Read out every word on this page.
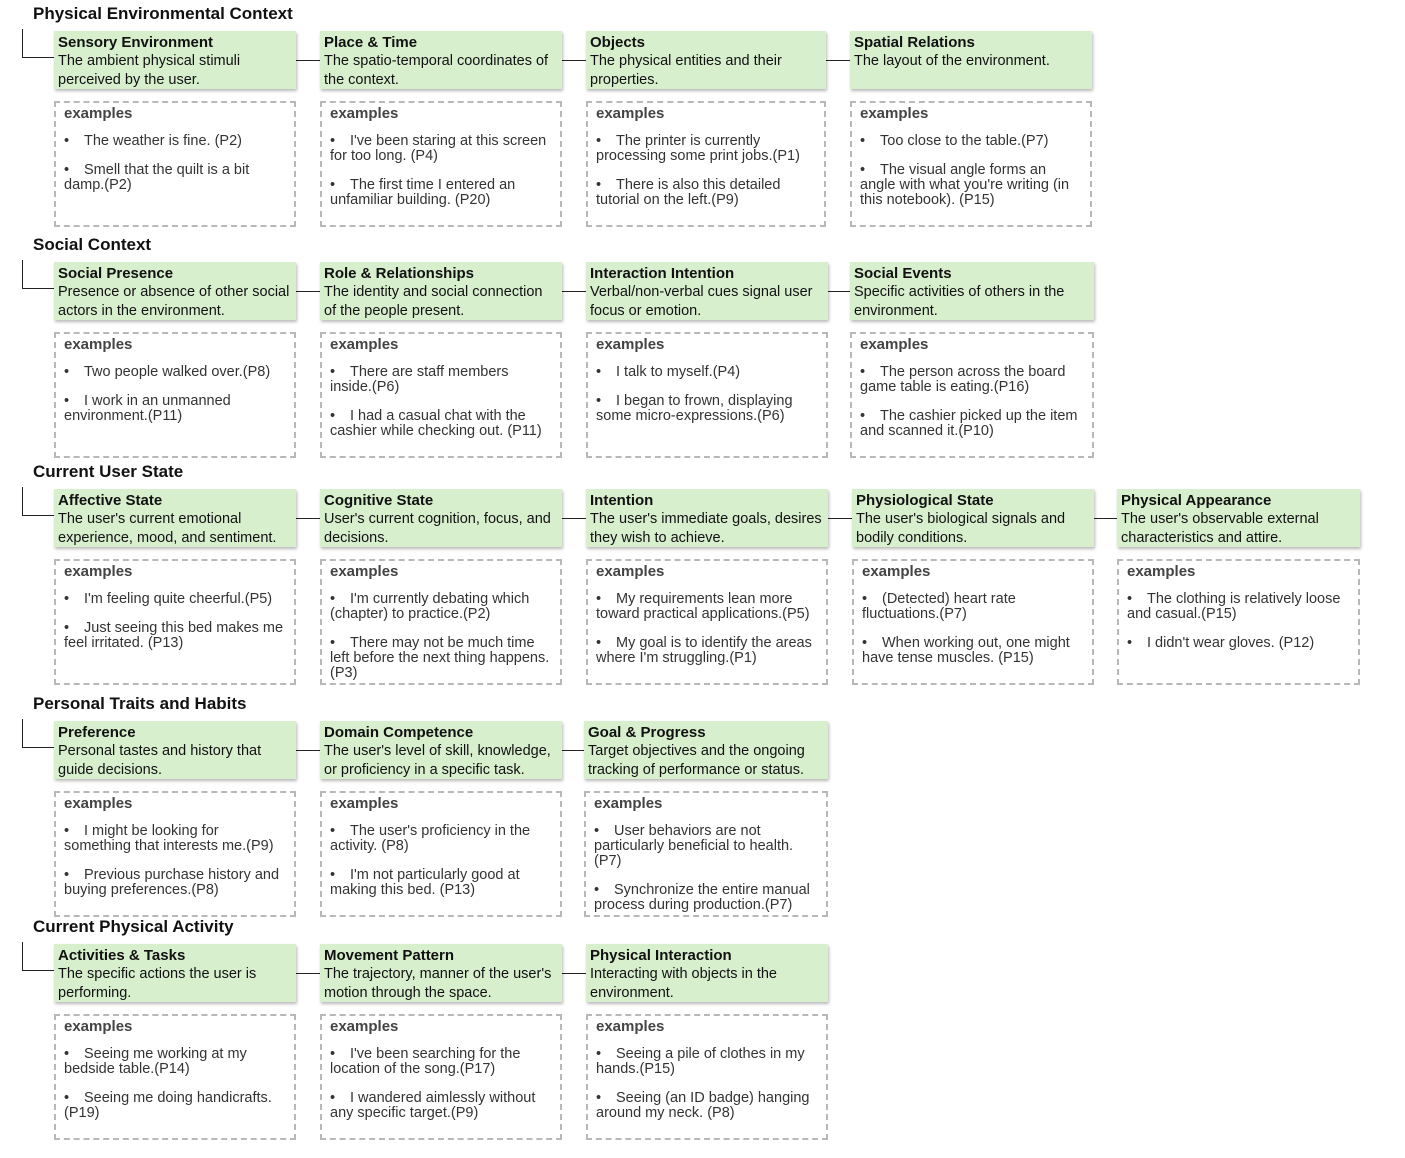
Physical Environmental Context
Sensory Environment
The ambient physical stimuli perceived by the user.
examples
• The weather is fine. (P2)
• Smell that the quilt is a bit damp.(P2)
Place & Time
The spatio-temporal coordinates of the context.
examples
• I've been staring at this screen for too long. (P4)
• The first time I entered an unfamiliar building. (P20)
Objects
The physical entities and their properties.
examples
• The printer is currently processing some print jobs.(P1)
• There is also this detailed tutorial on the left.(P9)
Spatial Relations
The layout of the environment.
examples
• Too close to the table.(P7)
• The visual angle forms an angle with what you're writing (in this notebook). (P15)
Social Context
Social Presence
Presence or absence of other social actors in the environment.
examples
• Two people walked over.(P8)
• I work in an unmanned environment.(P11)
Role & Relationships
The identity and social connection of the people present.
examples
• There are staff members inside.(P6)
• I had a casual chat with the cashier while checking out. (P11)
Interaction Intention
Verbal/non-verbal cues signal user focus or emotion.
examples
• I talk to myself.(P4)
• I began to frown, displaying some micro-expressions.(P6)
Social Events
Specific activities of others in the environment.
examples
• The person across the board game table is eating.(P16)
• The cashier picked up the item and scanned it.(P10)
Current User State
Affective State
The user's current emotional experience, mood, and sentiment.
examples
• I'm feeling quite cheerful.(P5)
• Just seeing this bed makes me feel irritated. (P13)
Cognitive State
User's current cognition, focus, and decisions.
examples
• I'm currently debating which (chapter) to practice.(P2)
• There may not be much time left before the next thing happens. (P3)
Intention
The user's immediate goals, desires they wish to achieve.
examples
• My requirements lean more toward practical applications.(P5)
• My goal is to identify the areas where I'm struggling.(P1)
Physiological State
The user's biological signals and bodily conditions.
examples
• (Detected) heart rate fluctuations.(P7)
• When working out, one might have tense muscles. (P15)
Physical Appearance
The user's observable external characteristics and attire.
examples
• The clothing is relatively loose and casual.(P15)
• I didn't wear gloves. (P12)
Personal Traits and Habits
Preference
Personal tastes and history that guide decisions.
examples
• I might be looking for something that interests me.(P9)
• Previous purchase history and buying preferences.(P8)
Domain Competence
The user's level of skill, knowledge, or proficiency in a specific task.
examples
• The user's proficiency in the activity. (P8)
• I'm not particularly good at making this bed. (P13)
Goal & Progress
Target objectives and the ongoing tracking of performance or status.
examples
• User behaviors are not particularly beneficial to health.(P7)
• Synchronize the entire manual process during production.(P7)
Current Physical Activity
Activities & Tasks
The specific actions the user is performing.
examples
• Seeing me working at my bedside table.(P14)
• Seeing me doing handicrafts.(P19)
Movement Pattern
The trajectory, manner of the user's motion through the space.
examples
• I've been searching for the location of the song.(P17)
• I wandered aimlessly without any specific target.(P9)
Physical Interaction
Interacting with objects in the environment.
examples
• Seeing a pile of clothes in my hands.(P15)
• Seeing (an ID badge) hanging around my neck. (P8)
